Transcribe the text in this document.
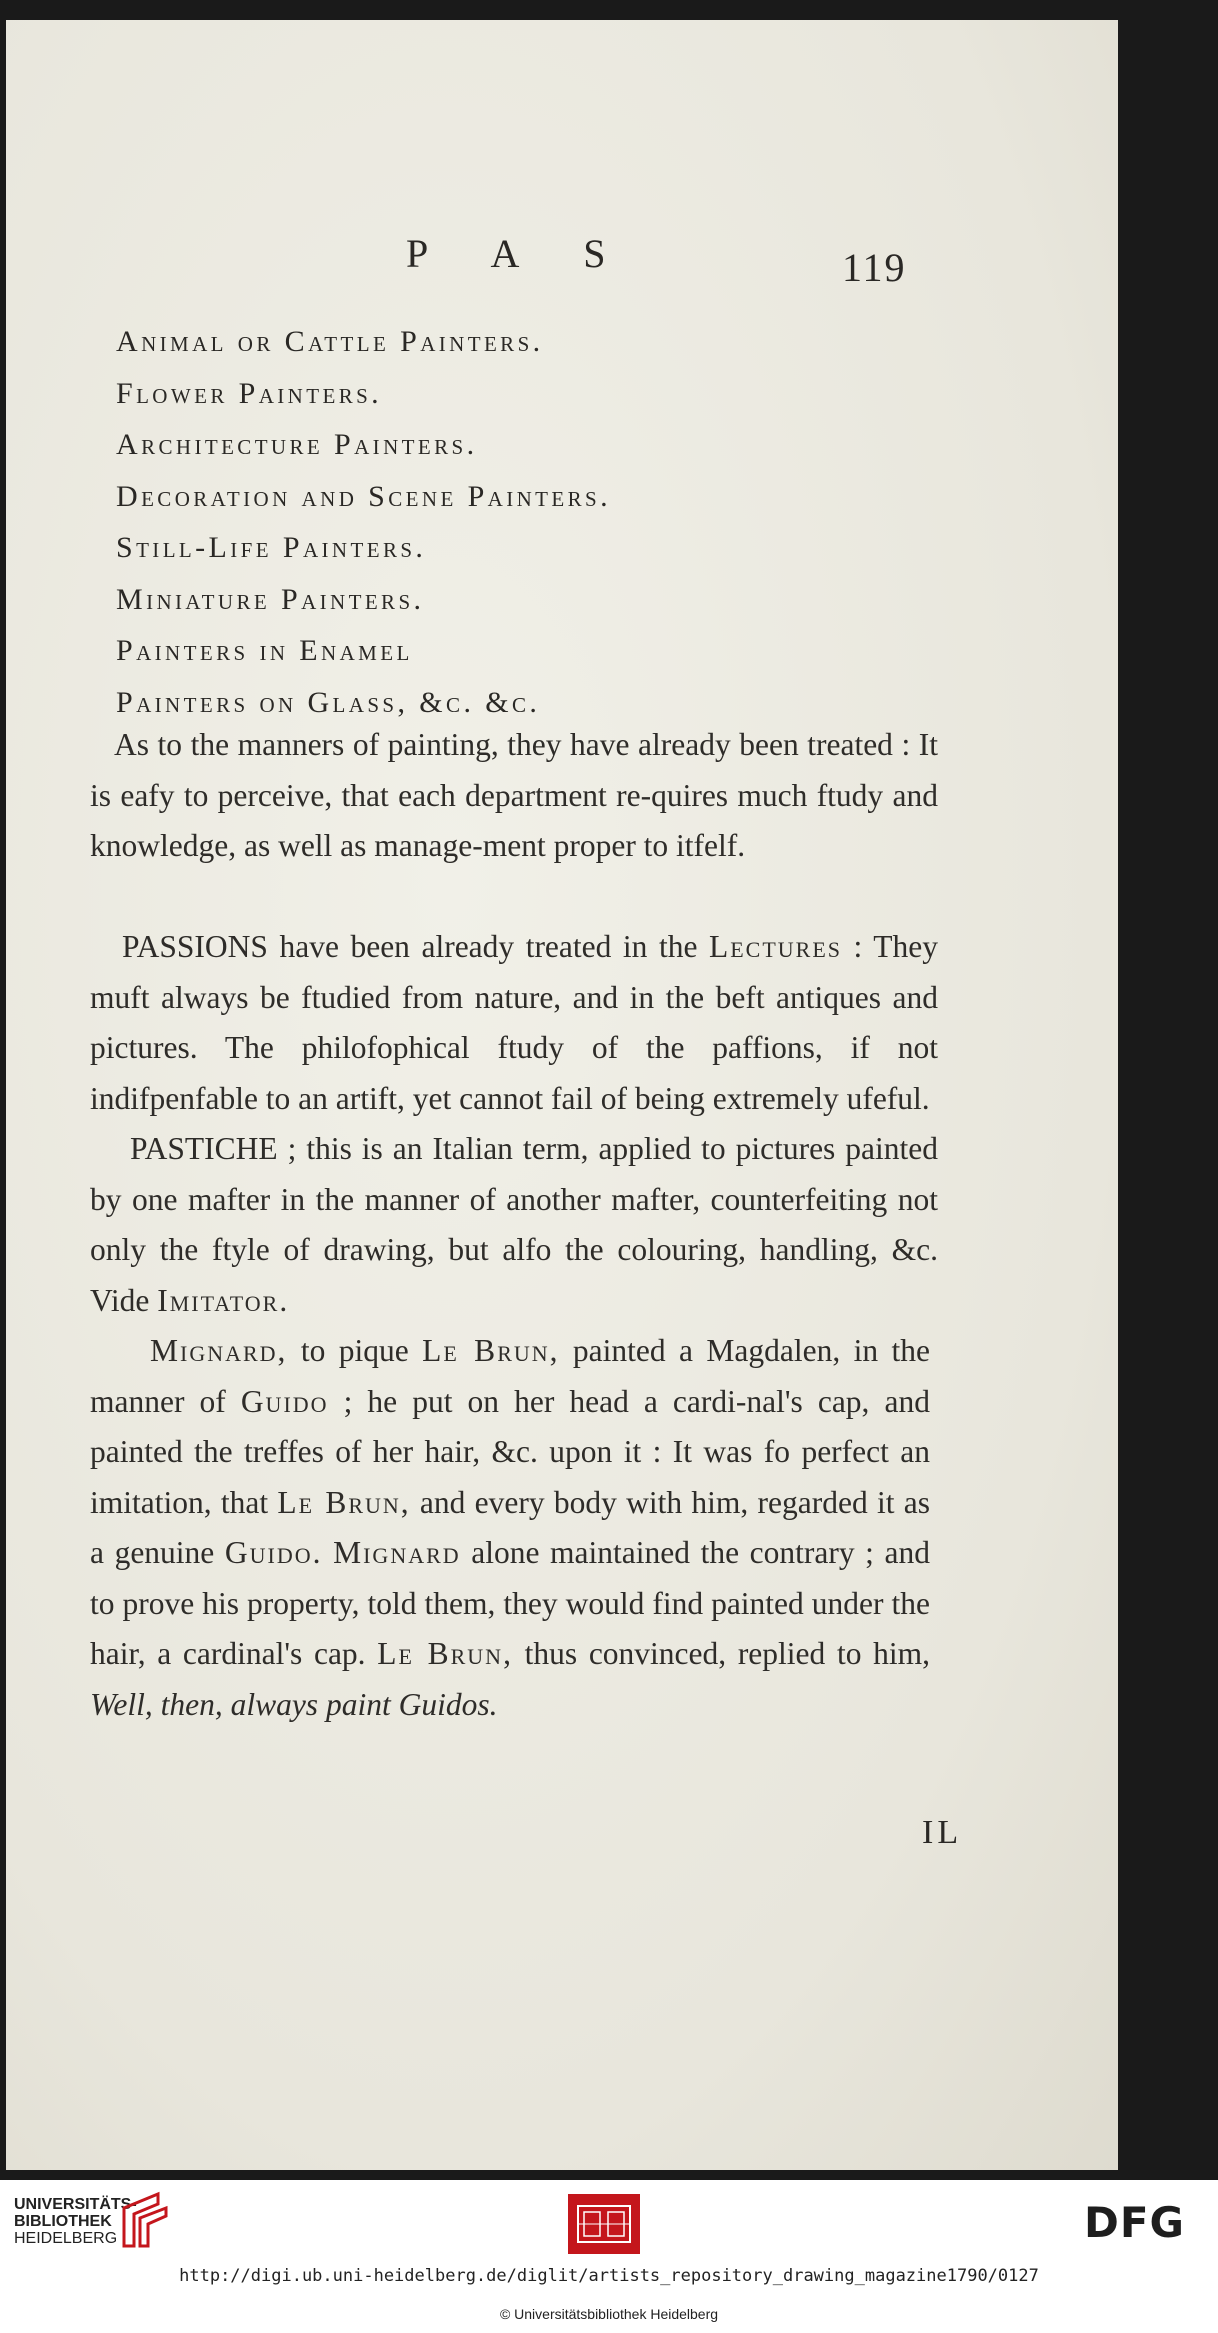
P A S	119
Animal or Cattle Painters.
Flower Painters.
Architecture Painters.
Decoration and Scene Painters.
Still-Life Painters.
Miniature Painters.
Painters in Enamel
Painters on Glass, &c. &c.

As to the manners of painting, they have already been treated : It is eafy to perceive, that each department re-quires much ftudy and knowledge, as well as manage-ment proper to itfelf.

PASSIONS have been already treated in the Lectures : They muft always be ftudied from nature, and in the beft antiques and pictures. The philofophical ftudy of the paffions, if not indifpenfable to an artift, yet cannot fail of being extremely ufeful.

PASTICHE ; this is an Italian term, applied to pictures painted by one mafter in the manner of another mafter, counterfeiting not only the ftyle of drawing, but alfo the colouring, handling, &c. Vide Imitator.

Mignard, to pique Le Brun, painted a Magdalen, in the manner of Guido ; he put on her head a cardi-nal's cap, and painted the treffes of her hair, &c. upon it : It was fo perfect an imitation, that Le Brun, and every body with him, regarded it as a genuine Guido. Mignard alone maintained the contrary ; and to prove his property, told them, they would find painted under the hair, a cardinal's cap. Le Brun, thus convinced, replied to him, Well, then, always paint Guidos.

IL
UNIVERSITÄTS-
BIBLIOTHEK
HEIDELBERG	DFG
http://digi.ub.uni-heidelberg.de/diglit/artists_repository_drawing_magazine1790/0127
© Universitätsbibliothek Heidelberg
